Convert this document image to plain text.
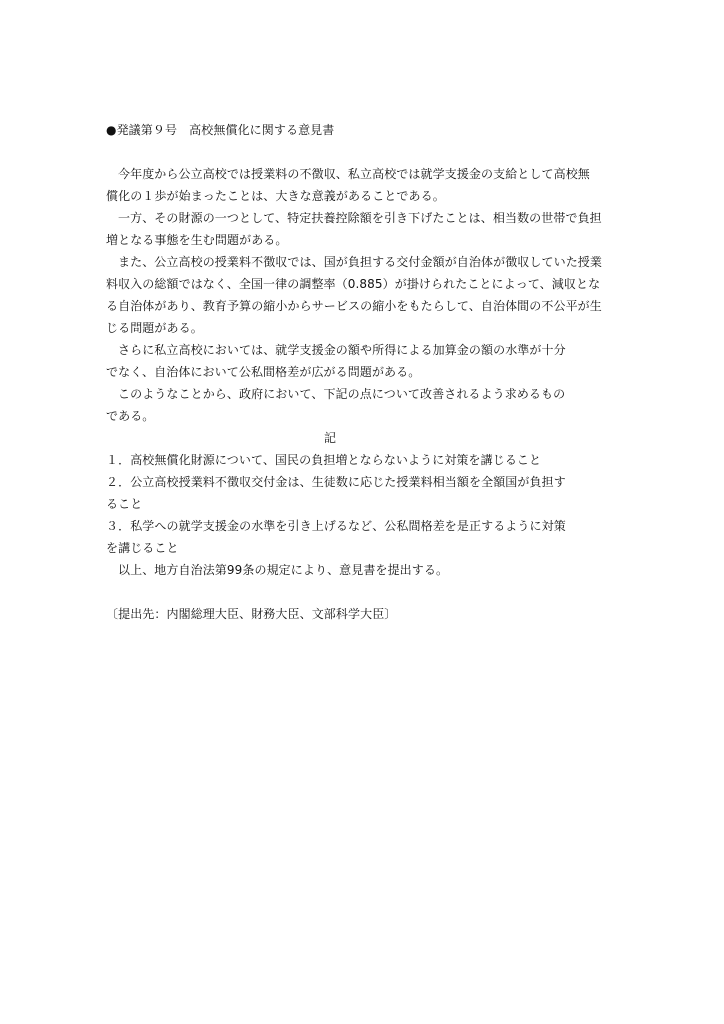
●発議第９号　高校無償化に関する意見書
今年度から公立高校では授業料の不徴収、私立高校では就学支援金の支給として高校無
償化の１歩が始まったことは、大きな意義があることである。
一方、その財源の一つとして、特定扶養控除額を引き下げたことは、相当数の世帯で負担
増となる事態を生む問題がある。
また、公立高校の授業料不徴収では、国が負担する交付金額が自治体が徴収していた授業
料収入の総額ではなく、全国一律の調整率（0.885）が掛けられたことによって、減収とな
る自治体があり、教育予算の縮小からサービスの縮小をもたらして、自治体間の不公平が生
じる問題がある。
さらに私立高校においては、就学支援金の額や所得による加算金の額の水準が十分
でなく、自治体において公私間格差が広がる問題がある。
このようなことから、政府において、下記の点について改善されるよう求めるもの
である。
記
１．高校無償化財源について、国民の負担増とならないように対策を講じること
２．公立高校授業料不徴収交付金は、生徒数に応じた授業料相当額を全額国が負担す
ること
３．私学への就学支援金の水準を引き上げるなど、公私間格差を是正するように対策
を講じること
以上、地方自治法第99条の規定により、意見書を提出する。
〔提出先：内閣総理大臣、財務大臣、文部科学大臣〕
